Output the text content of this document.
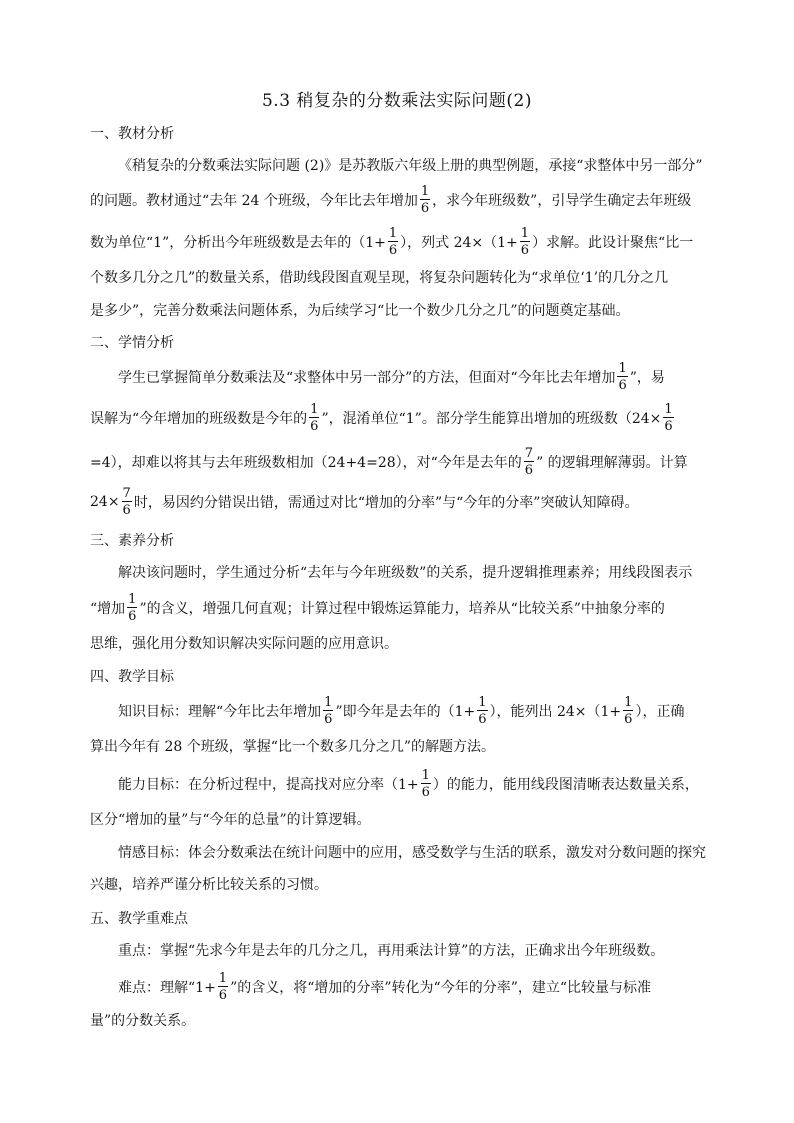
5.3 稍复杂的分数乘法实际问题(2)
一、教材分析
《稍复杂的分数乘法实际问题 (2)》是苏教版六年级上册的典型例题，承接“求整体中另一部分”
的问题。教材通过“去年 24 个班级，今年比去年增加 $\frac{1}{6}$ ，求今年班级数”，引导学生确定去年班级
数为单位“1”，分析出今年班级数是去年的（$1+ \frac{1}{6}$ ），列式 $24\times(1+ \frac{1}{6}$ ）求解。此设计聚焦“比一
个数多几分之几”的数量关系，借助线段图直观呈现，将复杂问题转化为“求单位‘1’的几分之几
是多少”，完善分数乘法问题体系，为后续学习“比一个数少几分之几”的问题奠定基础。
二、学情分析
学生已掌握简单分数乘法及“求整体中另一部分”的方法，但面对“今年比去年增加 $\frac{1}{6}$ ”，易
误解为“今年增加的班级数是今年的 $\frac{1}{6}$ ”，混淆单位“1”。部分学生能算出增加的班级数（$24\times \frac{1}{6}$
=4），却难以将其与去年班级数相加（24+4=28），对“今年是去年的 $\frac{7}{6}$ ” 的逻辑理解薄弱。计算
$24\times \frac{7}{6}$ 时，易因约分错误出错，需通过对比“增加的分率”与“今年的分率”突破认知障碍。
三、素养分析
解决该问题时，学生通过分析“去年与今年班级数”的关系，提升逻辑推理素养；用线段图表示
“增加 $\frac{1}{6}$ ”的含义，增强几何直观；计算过程中锻炼运算能力，培养从“比较关系”中抽象分率的
思维，强化用分数知识解决实际问题的应用意识。
四、教学目标
知识目标：理解“今年比去年增加 $\frac{1}{6}$ ”即今年是去年的（$1+ \frac{1}{6}$ ），能列出 $24\times(1+ \frac{1}{6}$ ），正确
算出今年有 28 个班级，掌握“比一个数多几分之几”的解题方法。
能力目标：在分析过程中，提高找对应分率（$1+ \frac{1}{6}$ ）的能力，能用线段图清晰表达数量关系，
区分“增加的量”与“今年的总量”的计算逻辑。
情感目标：体会分数乘法在统计问题中的应用，感受数学与生活的联系，激发对分数问题的探究
兴趣，培养严谨分析比较关系的习惯。
五、教学重难点
重点：掌握“先求今年是去年的几分之几，再用乘法计算”的方法，正确求出今年班级数。
难点：理解“$1+ \frac{1}{6}$ ”的含义，将“增加的分率”转化为“今年的分率”，建立“比较量与标准
量”的分数关系。
